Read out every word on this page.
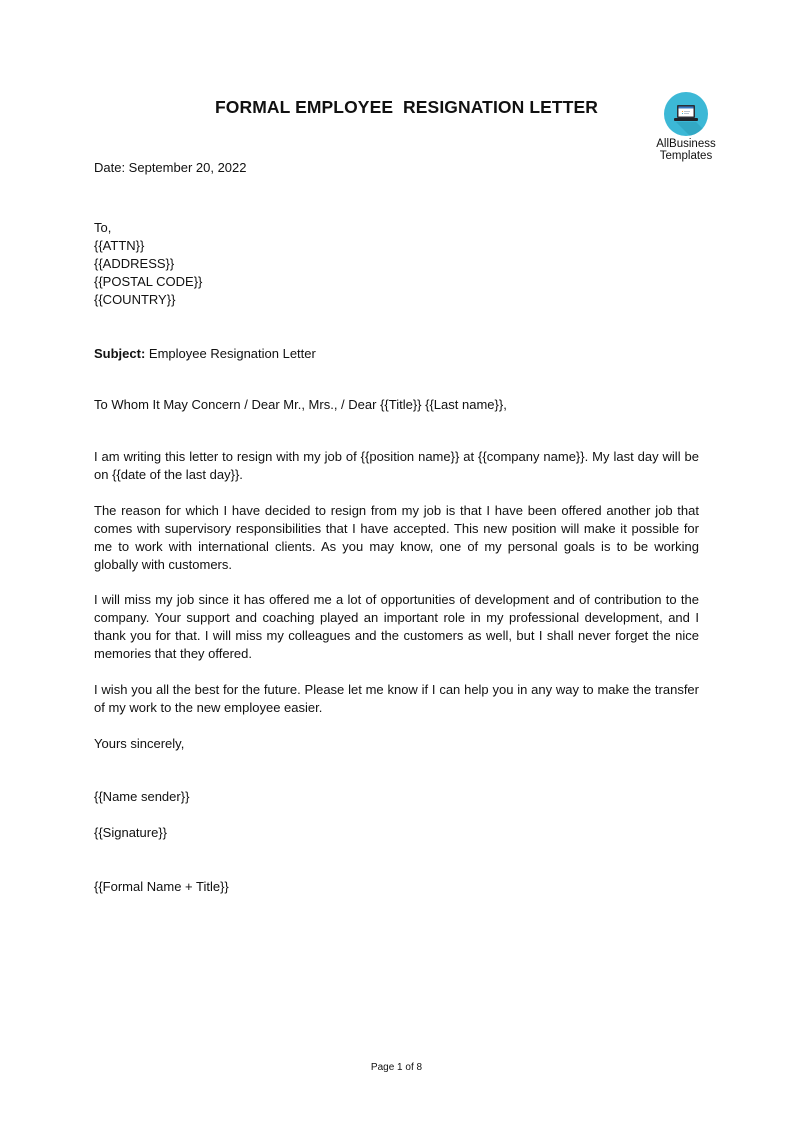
FORMAL EMPLOYEE  RESIGNATION LETTER
AllBusiness
Templates
Date: September 20, 2022
To,
{{ATTN}}
{{ADDRESS}}
{{POSTAL CODE}}
{{COUNTRY}}
Subject: Employee Resignation Letter
To Whom It May Concern / Dear Mr., Mrs., / Dear {{Title}} {{Last name}},
I am writing this letter to resign with my job of {{position name}} at {{company name}}. My last day will be on {{date of the last day}}.
The reason for which I have decided to resign from my job is that I have been offered another job that comes with supervisory responsibilities that I have accepted. This new position will make it possible for me to work with international clients. As you may know, one of my personal goals is to be working globally with customers.
I will miss my job since it has offered me a lot of opportunities of development and of contribution to the company. Your support and coaching played an important role in my professional development, and I thank you for that. I will miss my colleagues and the customers as well, but I shall never forget the nice memories that they offered.
I wish you all the best for the future. Please let me know if I can help you in any way to make the transfer of my work to the new employee easier.
Yours sincerely,
{{Name sender}}
{{Signature}}
{{Formal Name + Title}}
Page 1 of 8
